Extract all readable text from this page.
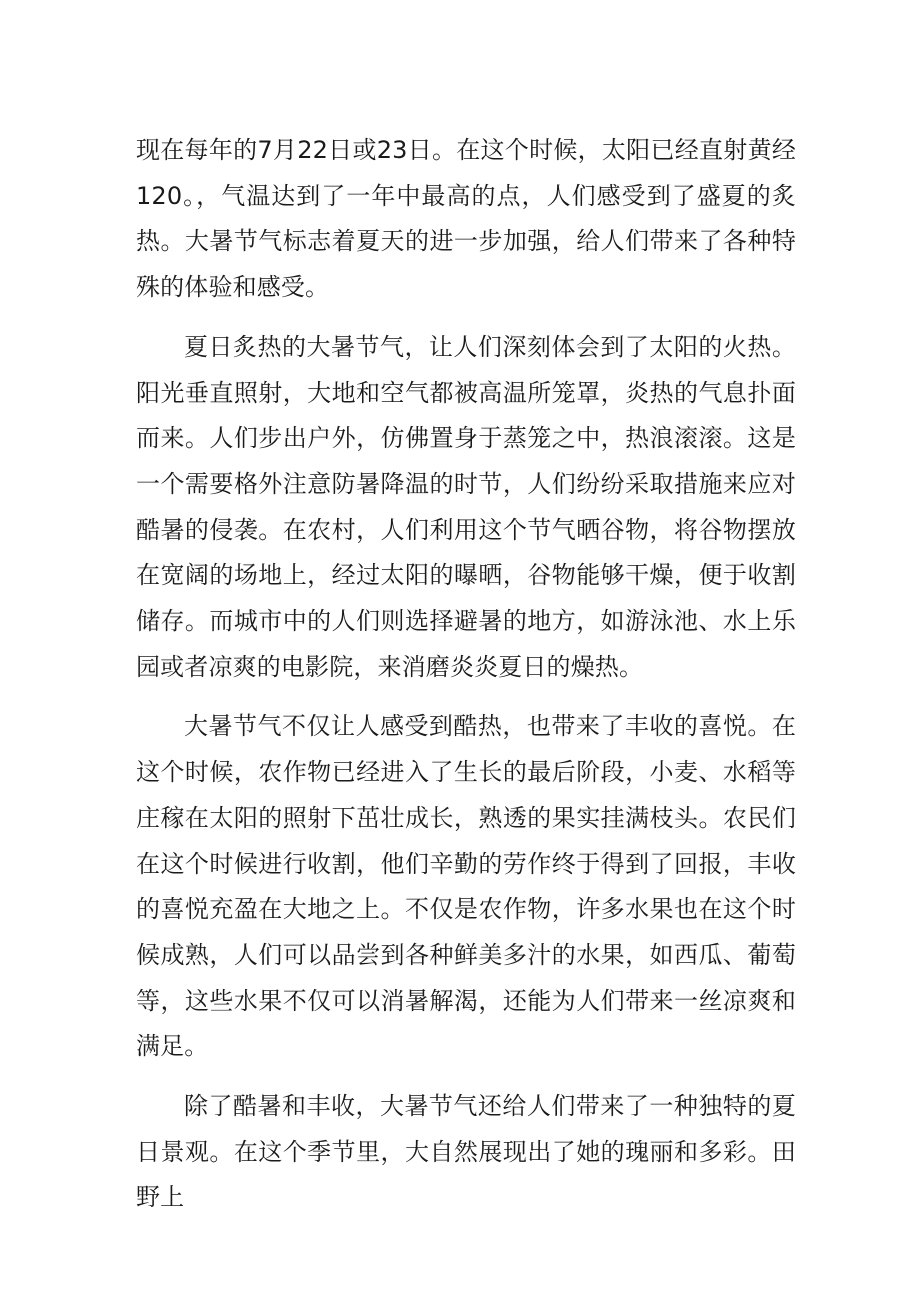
现在每年的7月22日或23日。在这个时候，太阳已经直射黄经120。，气温达到了一年中最高的点，人们感受到了盛夏的炙热。大暑节气标志着夏天的进一步加强，给人们带来了各种特殊的体验和感受。

夏日炙热的大暑节气，让人们深刻体会到了太阳的火热。阳光垂直照射，大地和空气都被高温所笼罩，炎热的气息扑面而来。人们步出户外，仿佛置身于蒸笼之中，热浪滚滚。这是一个需要格外注意防暑降温的时节，人们纷纷采取措施来应对酷暑的侵袭。在农村，人们利用这个节气晒谷物，将谷物摆放在宽阔的场地上，经过太阳的曝晒，谷物能够干燥，便于收割储存。而城市中的人们则选择避暑的地方，如游泳池、水上乐园或者凉爽的电影院，来消磨炎炎夏日的燥热。

大暑节气不仅让人感受到酷热，也带来了丰收的喜悦。在这个时候，农作物已经进入了生长的最后阶段，小麦、水稻等庄稼在太阳的照射下茁壮成长，熟透的果实挂满枝头。农民们在这个时候进行收割，他们辛勤的劳作终于得到了回报，丰收的喜悦充盈在大地之上。不仅是农作物，许多水果也在这个时候成熟，人们可以品尝到各种鲜美多汁的水果，如西瓜、葡萄等，这些水果不仅可以消暑解渴，还能为人们带来一丝凉爽和满足。

除了酷暑和丰收，大暑节气还给人们带来了一种独特的夏日景观。在这个季节里，大自然展现出了她的瑰丽和多彩。田野上
